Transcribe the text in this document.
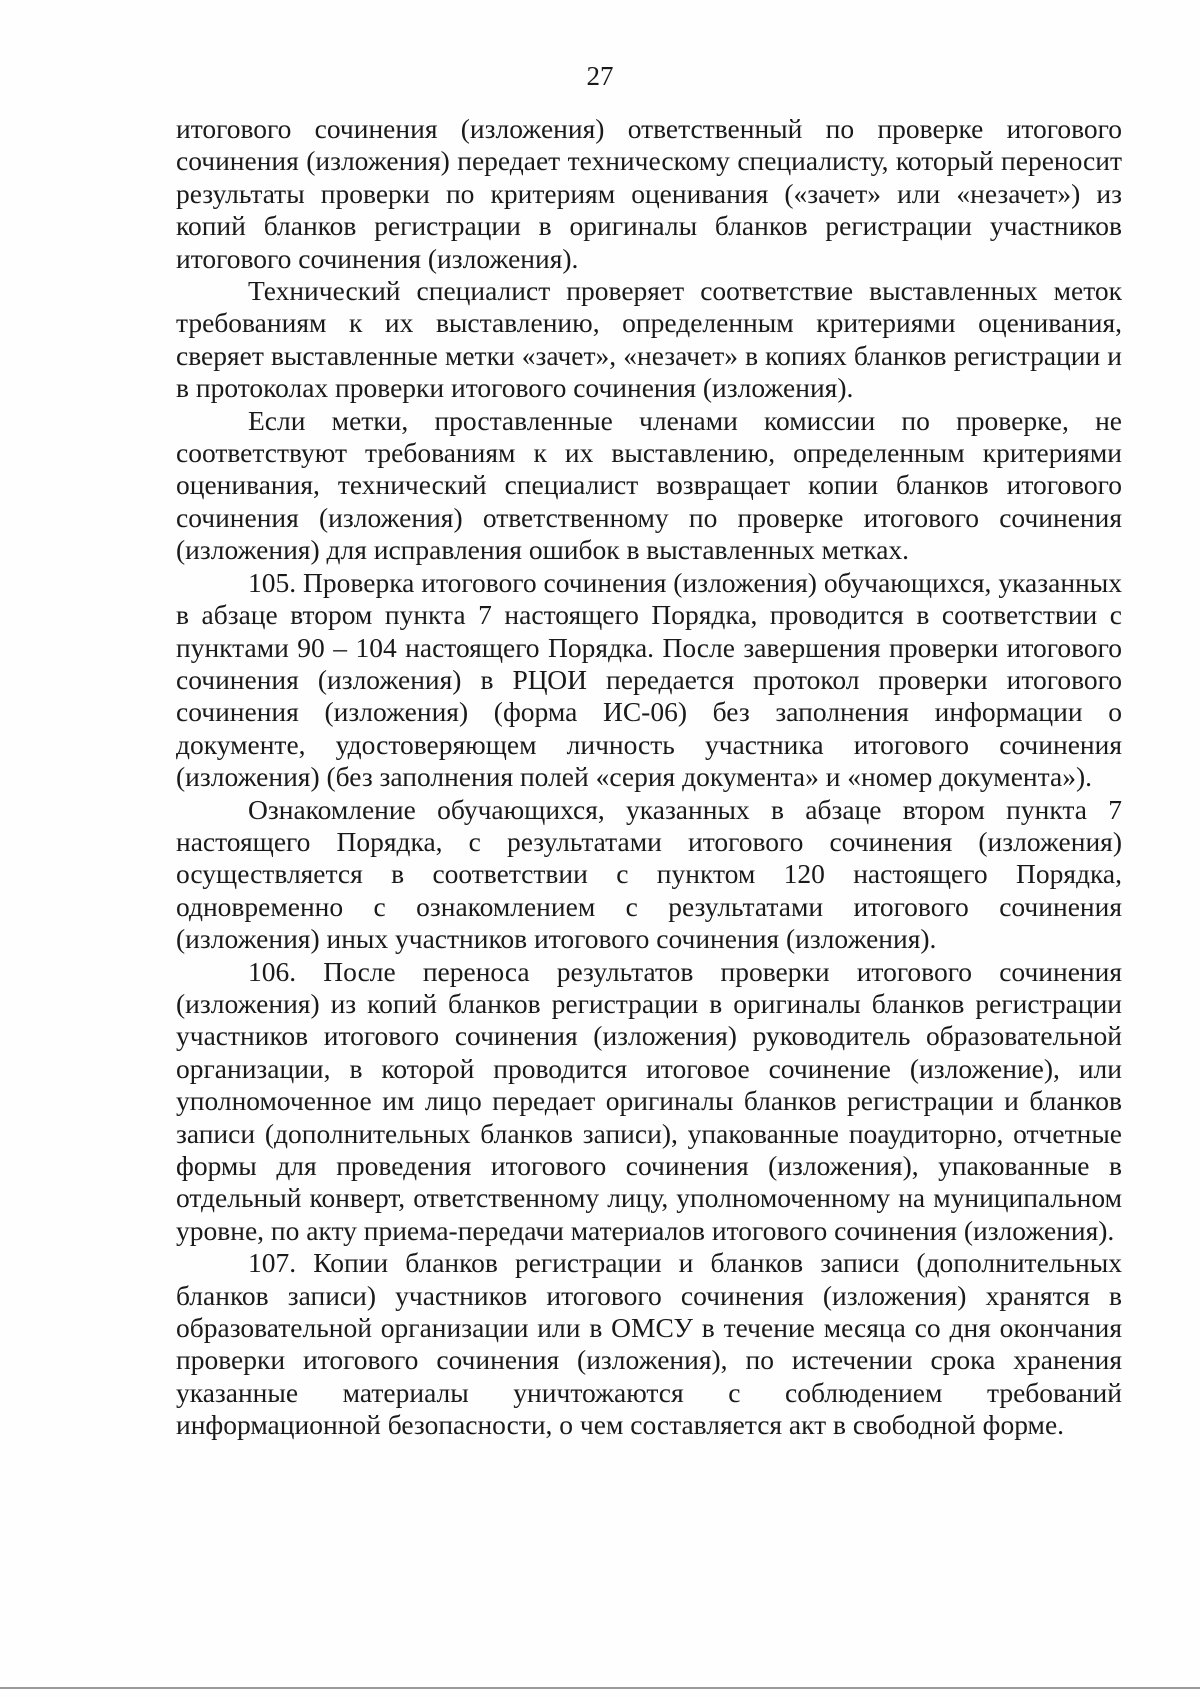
27

итогового сочинения (изложения) ответственный по проверке итогового сочинения (изложения) передает техническому специалисту, который переносит результаты проверки по критериям оценивания («зачет» или «незачет») из копий бланков регистрации в оригиналы бланков регистрации участников итогового сочинения (изложения).

Технический специалист проверяет соответствие выставленных меток требованиям к их выставлению, определенным критериями оценивания, сверяет выставленные метки «зачет», «незачет» в копиях бланков регистрации и в протоколах проверки итогового сочинения (изложения).

Если метки, проставленные членами комиссии по проверке, не соответствуют требованиям к их выставлению, определенным критериями оценивания, технический специалист возвращает копии бланков итогового сочинения (изложения) ответственному по проверке итогового сочинения (изложения) для исправления ошибок в выставленных метках.

105. Проверка итогового сочинения (изложения) обучающихся, указанных в абзаце втором пункта 7 настоящего Порядка, проводится в соответствии с пунктами 90 – 104 настоящего Порядка. После завершения проверки итогового сочинения (изложения) в РЦОИ передается протокол проверки итогового сочинения (изложения) (форма ИС-06) без заполнения информации о документе, удостоверяющем личность участника итогового сочинения (изложения) (без заполнения полей «серия документа» и «номер документа»).

Ознакомление обучающихся, указанных в абзаце втором пункта 7 настоящего Порядка, с результатами итогового сочинения (изложения) осуществляется в соответствии с пунктом 120 настоящего Порядка, одновременно с ознакомлением с результатами итогового сочинения (изложения) иных участников итогового сочинения (изложения).

106. После переноса результатов проверки итогового сочинения (изложения) из копий бланков регистрации в оригиналы бланков регистрации участников итогового сочинения (изложения) руководитель образовательной организации, в которой проводится итоговое сочинение (изложение), или уполномоченное им лицо передает оригиналы бланков регистрации и бланков записи (дополнительных бланков записи), упакованные поаудиторно, отчетные формы для проведения итогового сочинения (изложения), упакованные в отдельный конверт, ответственному лицу, уполномоченному на муниципальном уровне, по акту приема-передачи материалов итогового сочинения (изложения).

107. Копии бланков регистрации и бланков записи (дополнительных бланков записи) участников итогового сочинения (изложения) хранятся в образовательной организации или в ОМСУ в течение месяца со дня окончания проверки итогового сочинения (изложения), по истечении срока хранения указанные материалы уничтожаются с соблюдением требований информационной безопасности, о чем составляется акт в свободной форме.
